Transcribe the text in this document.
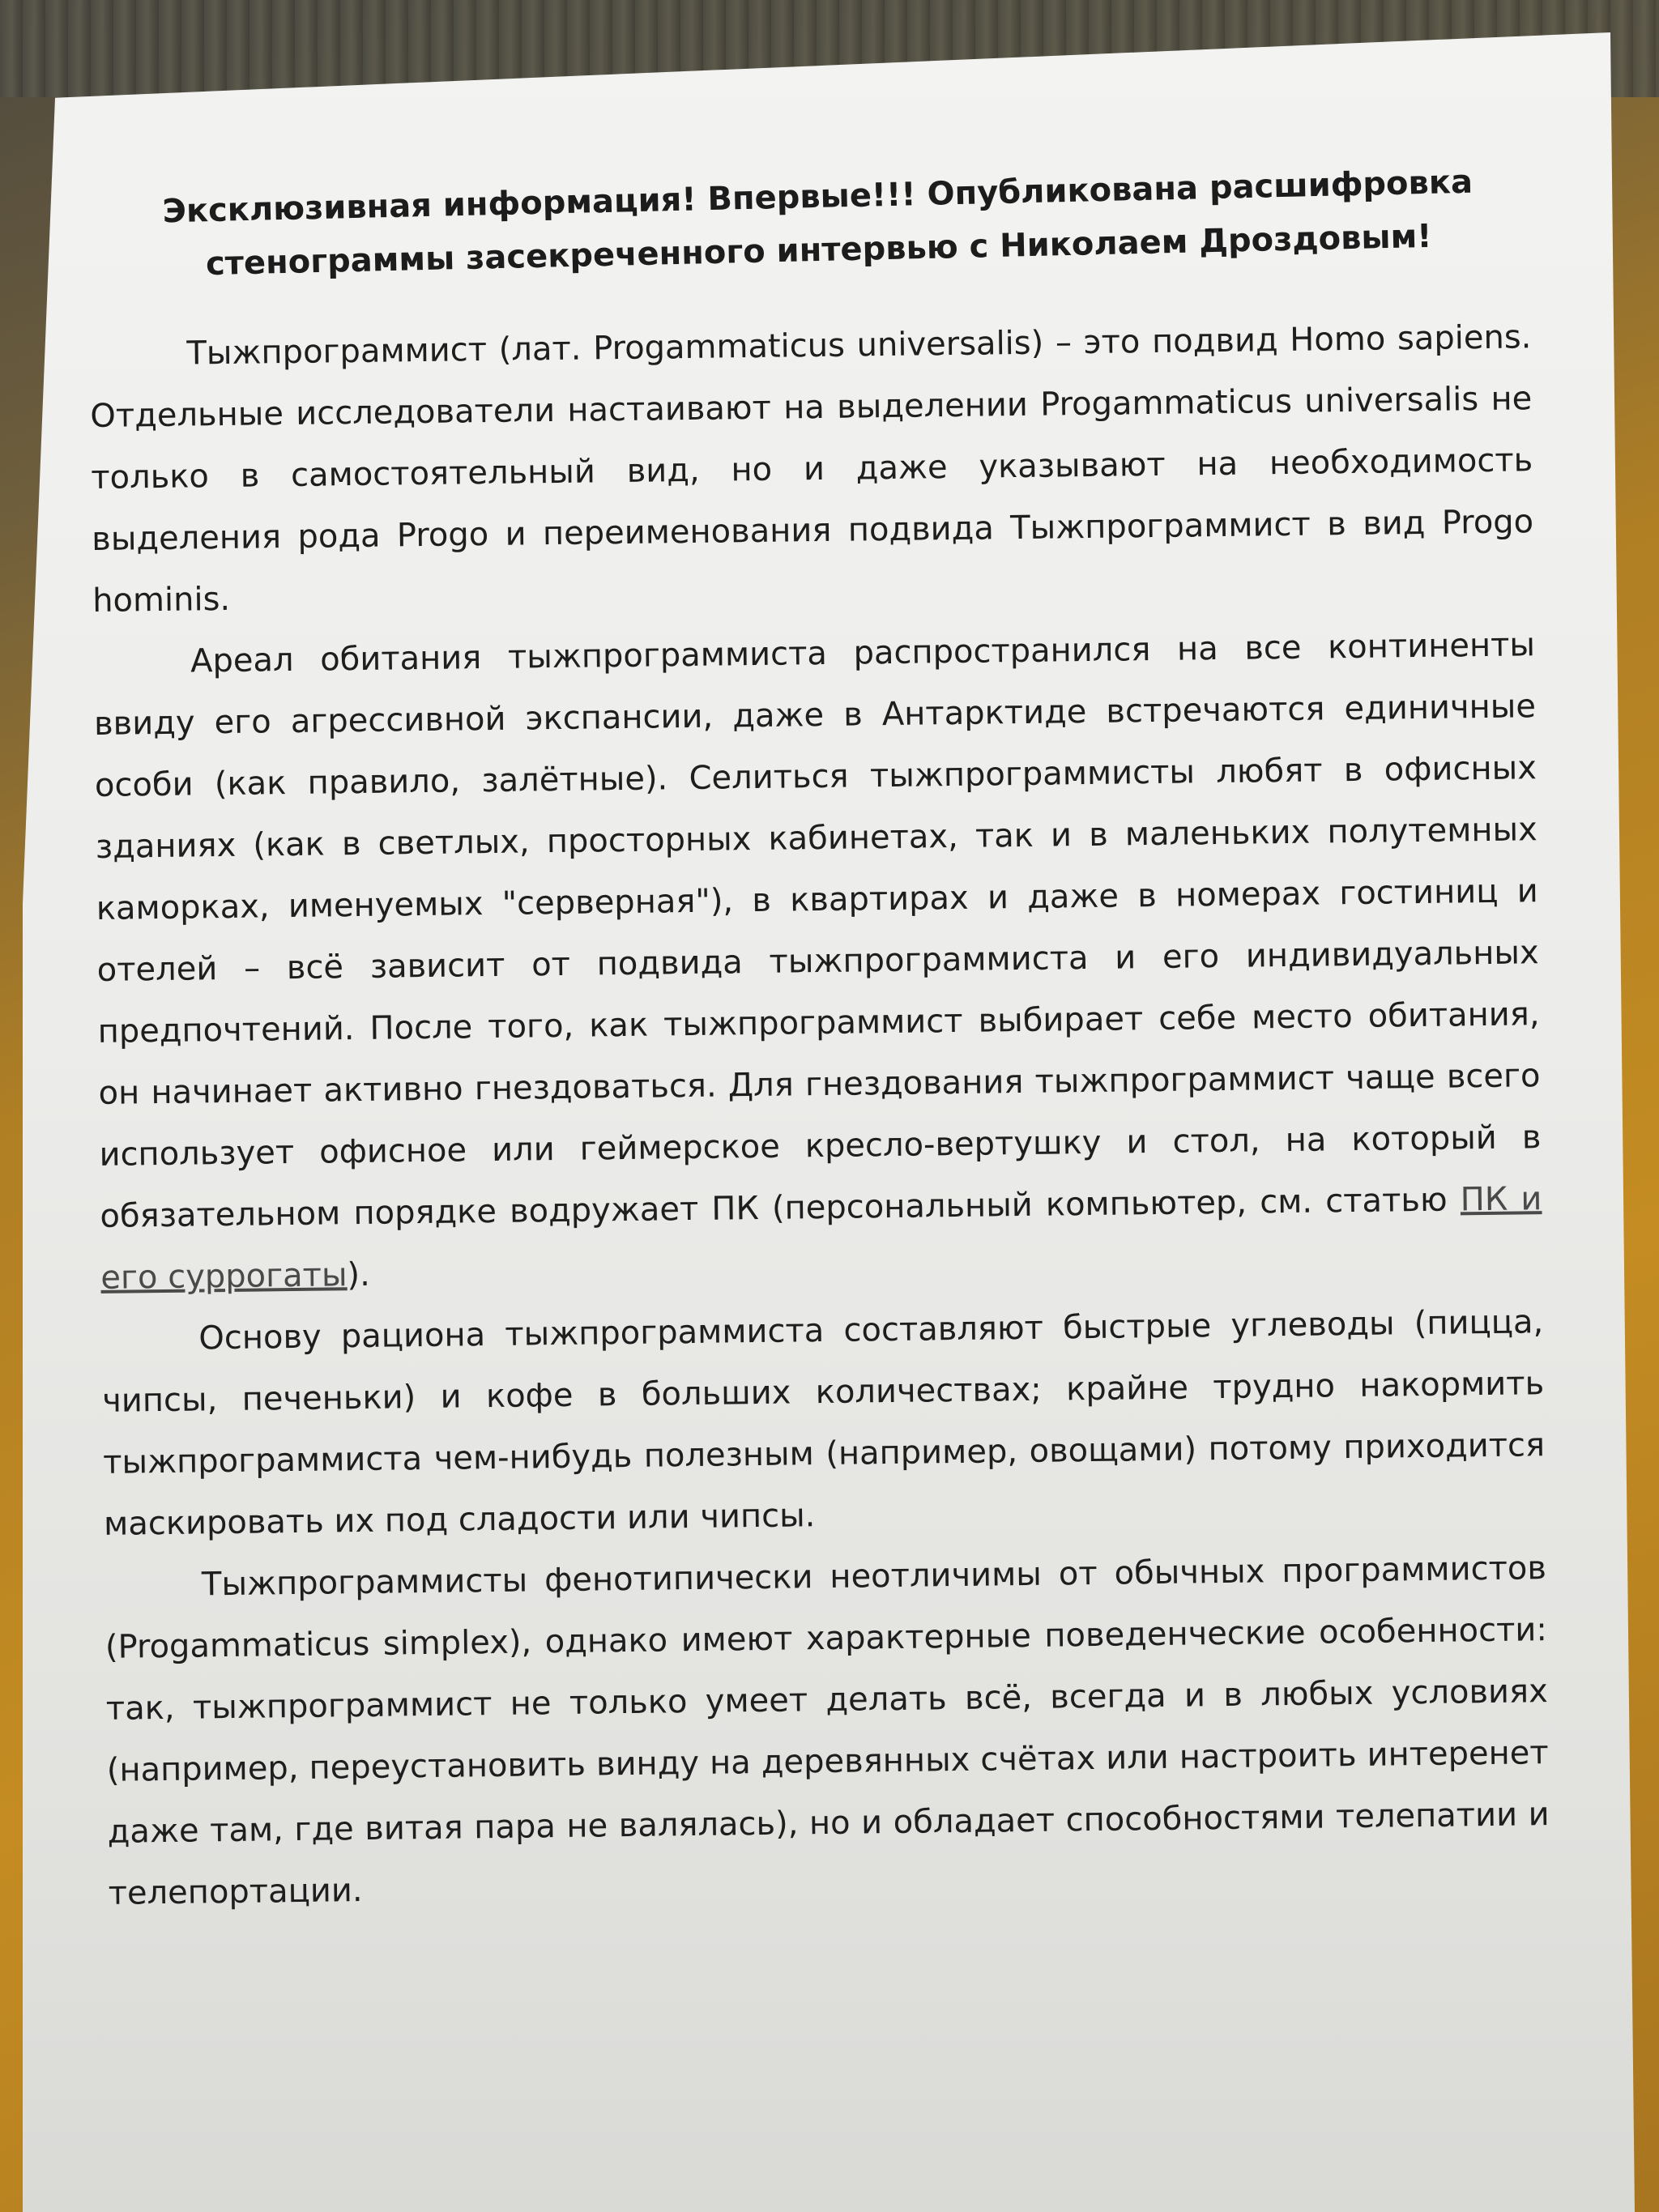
Эксклюзивная информация! Впервые!!! Опубликована расшифровка стенограммы засекреченного интервью с Николаем Дроздовым!

Тыжпрограммист (лат. Progammaticus universalis) – это подвид Homo sapiens. Отдельные исследователи настаивают на выделении Progammaticus universalis не только в самостоятельный вид, но и даже указывают на необходимость выделения рода Progo и переименования подвида Тыжпрограммист в вид Progo hominis.

Ареал обитания тыжпрограммиста распространился на все континенты ввиду его агрессивной экспансии, даже в Антарктиде встречаются единичные особи (как правило, залётные). Селиться тыжпрограммисты любят в офисных зданиях (как в светлых, просторных кабинетах, так и в маленьких полутемных каморках, именуемых "серверная"), в квартирах и даже в номерах гостиниц и отелей – всё зависит от подвида тыжпрограммиста и его индивидуальных предпочтений. После того, как тыжпрограммист выбирает себе место обитания, он начинает активно гнездоваться. Для гнездования тыжпрограммист чаще всего использует офисное или геймерское кресло-вертушку и стол, на который в обязательном порядке водружает ПК (персональный компьютер, см. статью ПК и его суррогаты).

Основу рациона тыжпрограммиста составляют быстрые углеводы (пицца, чипсы, печеньки) и кофе в больших количествах; крайне трудно накормить тыжпрограммиста чем-нибудь полезным (например, овощами) потому приходится маскировать их под сладости или чипсы.

Тыжпрограммисты фенотипически неотличимы от обычных программистов (Progammaticus simplex), однако имеют характерные поведенческие особенности: так, тыжпрограммист не только умеет делать всё, всегда и в любых условиях (например, переустановить винду на деревянных счётах или настроить интеренет даже там, где витая пара не валялась), но и обладает способностями телепатии и телепортации.
